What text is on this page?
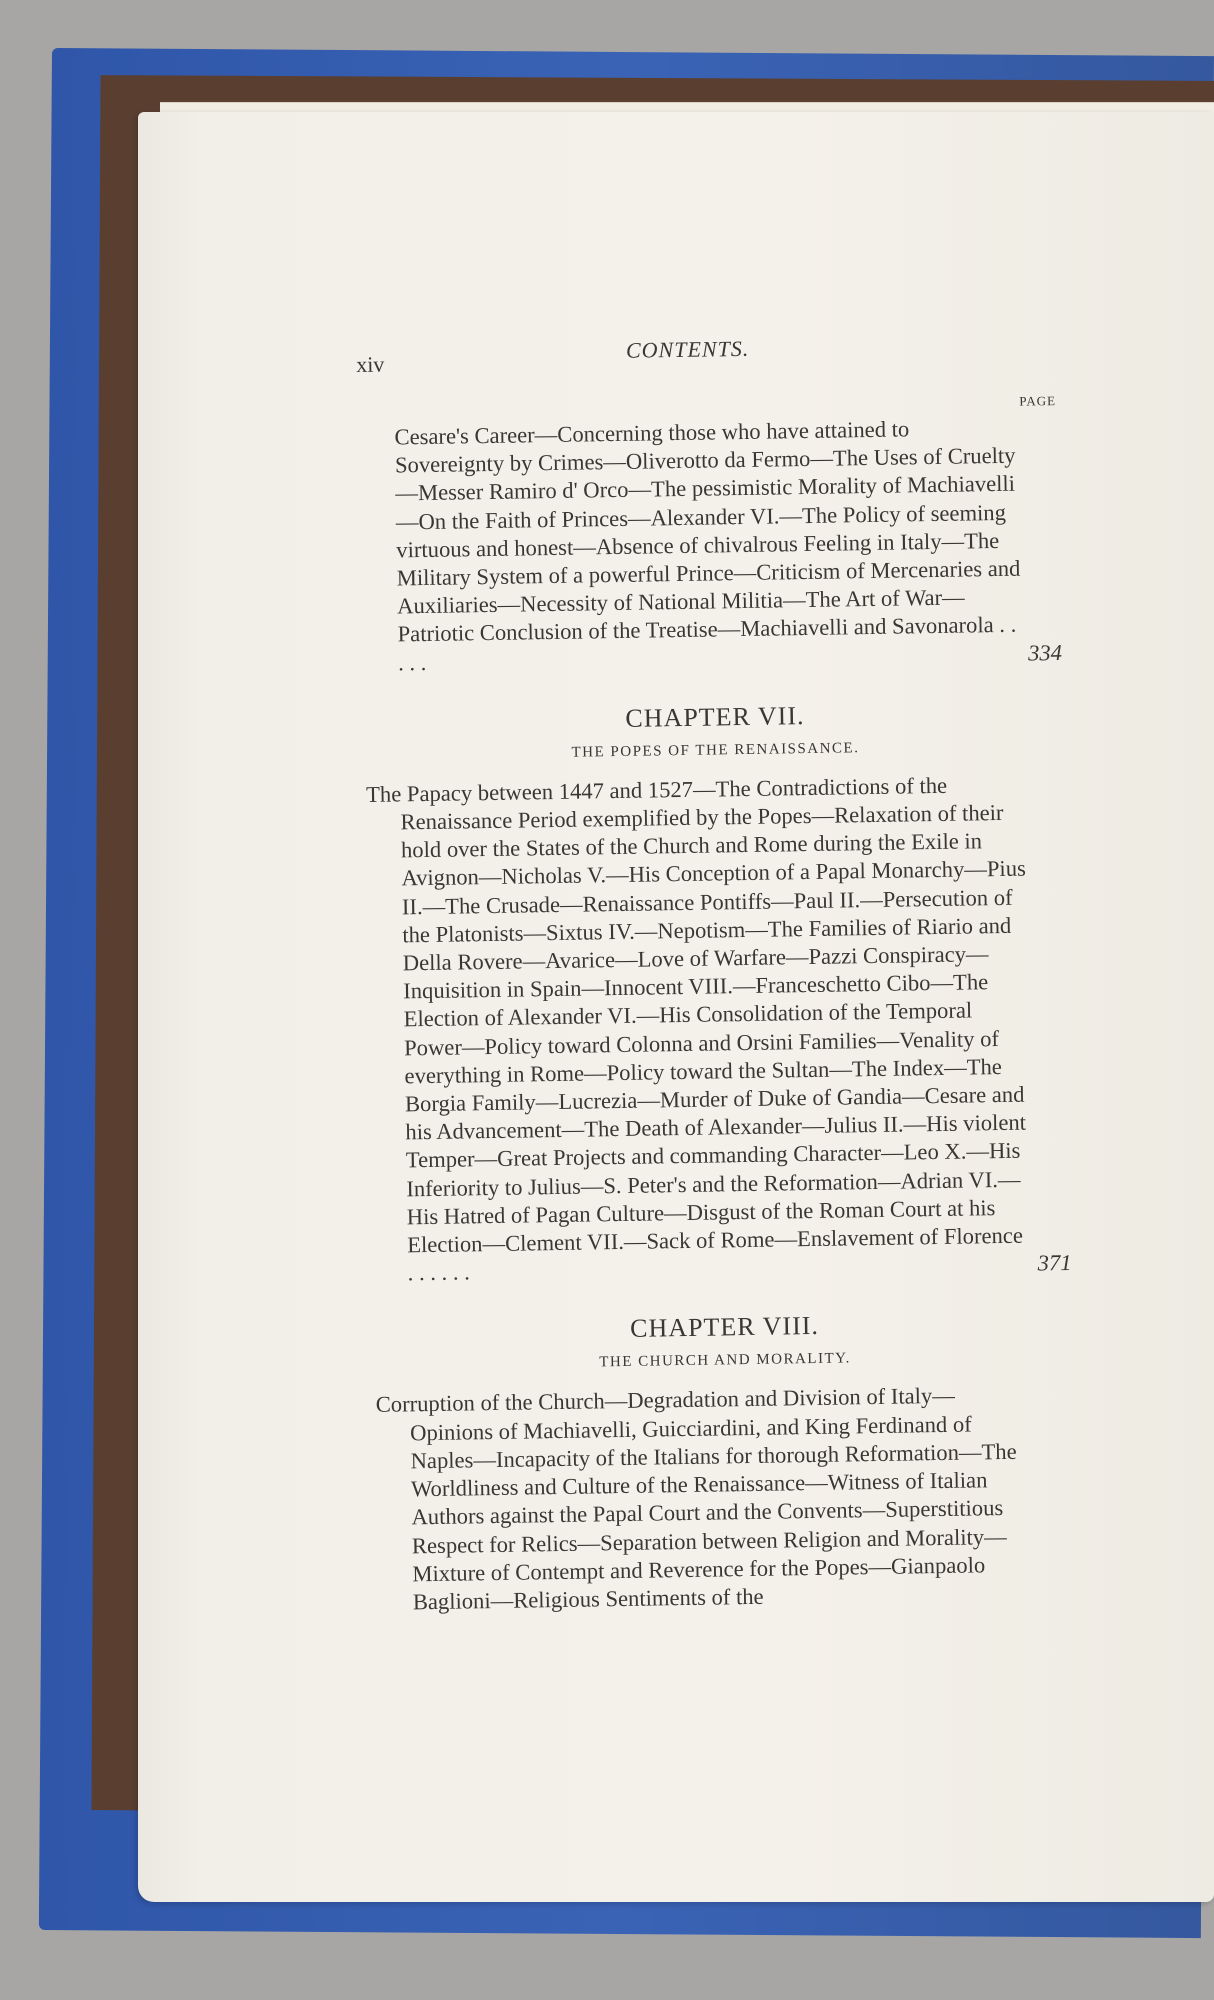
xiv
CONTENTS.
PAGE
Cesare's Career—Concerning those who have attained to Sovereignty by Crimes—Oliverotto da Fermo—The Uses of Cruelty—Messer Ramiro d' Orco—The pessimistic Morality of Machiavelli—On the Faith of Princes—Alexander VI.—The Policy of seeming virtuous and honest—Absence of chivalrous Feeling in Italy—The Military System of a powerful Prince—Criticism of Mercenaries and Auxiliaries—Necessity of National Militia—The Art of War—Patriotic Conclusion of the Treatise—Machiavelli and Savonarola . . . . .	334
CHAPTER VII.
THE POPES OF THE RENAISSANCE.
The Papacy between 1447 and 1527—The Contradictions of the Renaissance Period exemplified by the Popes—Relaxation of their hold over the States of the Church and Rome during the Exile in Avignon—Nicholas V.—His Conception of a Papal Monarchy—Pius II.—The Crusade—Renaissance Pontiffs—Paul II.—Persecution of the Platonists—Sixtus IV.—Nepotism—The Families of Riario and Della Rovere—Avarice—Love of Warfare—Pazzi Conspiracy—Inquisition in Spain—Innocent VIII.—Franceschetto Cibo—The Election of Alexander VI.—His Consolidation of the Temporal Power—Policy toward Colonna and Orsini Families—Venality of everything in Rome—Policy toward the Sultan—The Index—The Borgia Family—Lucrezia—Murder of Duke of Gandia—Cesare and his Advancement—The Death of Alexander—Julius II.—His violent Temper—Great Projects and commanding Character—Leo X.—His Inferiority to Julius—S. Peter's and the Reformation—Adrian VI.—His Hatred of Pagan Culture—Disgust of the Roman Court at his Election—Clement VII.—Sack of Rome—Enslavement of Florence . . . . . .	371
CHAPTER VIII.
THE CHURCH AND MORALITY.
Corruption of the Church—Degradation and Division of Italy—Opinions of Machiavelli, Guicciardini, and King Ferdinand of Naples—Incapacity of the Italians for thorough Reformation—The Worldliness and Culture of the Renaissance—Witness of Italian Authors against the Papal Court and the Convents—Superstitious Respect for Relics—Separation between Religion and Morality—Mixture of Contempt and Reverence for the Popes—Gianpaolo Baglioni—Religious Sentiments of the
